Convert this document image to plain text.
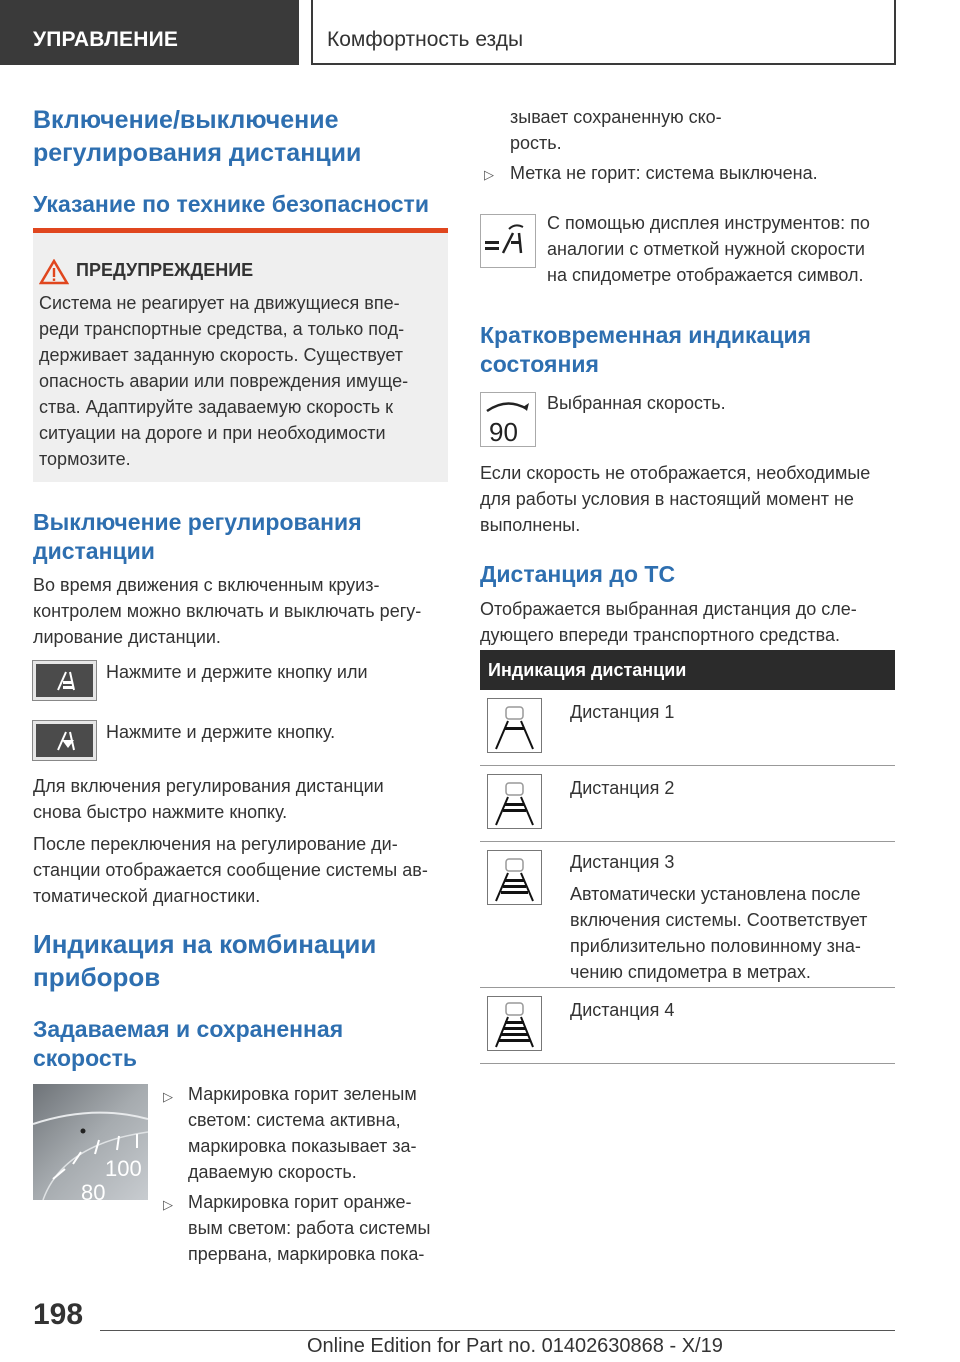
УПРАВЛЕНИЕ	Комфортность езды
Включение/выключение
регулирования дистанции
Указание по технике безопасности
ПРЕДУПРЕЖДЕНИЕ
Система не реагирует на движущиеся впе-
реди транспортные средства, а только под-
держивает заданную скорость. Существует
опасность аварии или повреждения имуще-
ства. Адаптируйте задаваемую скорость к
ситуации на дороге и при необходимости
тормозите.
Выключение регулирования
дистанции
Во время движения с включенным круиз-
контролем можно включать и выключать регу-
лирование дистанции.
Нажмите и держите кнопку или
Нажмите и держите кнопку.
Для включения регулирования дистанции
снова быстро нажмите кнопку.
После переключения на регулирование ди-
станции отображается сообщение системы ав-
томатической диагностики.
Индикация на комбинации
приборов
Задаваемая и сохраненная
скорость
100
80
▷ Маркировка горит зеленым
светом: система активна,
маркировка показывает за-
даваемую скорость.
▷ Маркировка горит оранже-
вым светом: работа системы
прервана, маркировка пока-
зывает сохраненную ско-
рость.
▷ Метка не горит: система выключена.
С помощью дисплея инструментов: по
аналогии с отметкой нужной скорости
на спидометре отображается символ.
Кратковременная индикация
состояния
90
Выбранная скорость.
Если скорость не отображается, необходимые
для работы условия в настоящий момент не
выполнены.
Дистанция до ТС
Отображается выбранная дистанция до сле-
дующего впереди транспортного средства.
Индикация дистанции
Дистанция 1
Дистанция 2
Дистанция 3
Автоматически установлена после
включения системы. Соответствует
приблизительно половинному зна-
чению спидометра в метрах.
Дистанция 4
198
Online Edition for Part no. 01402630868 - X/19
